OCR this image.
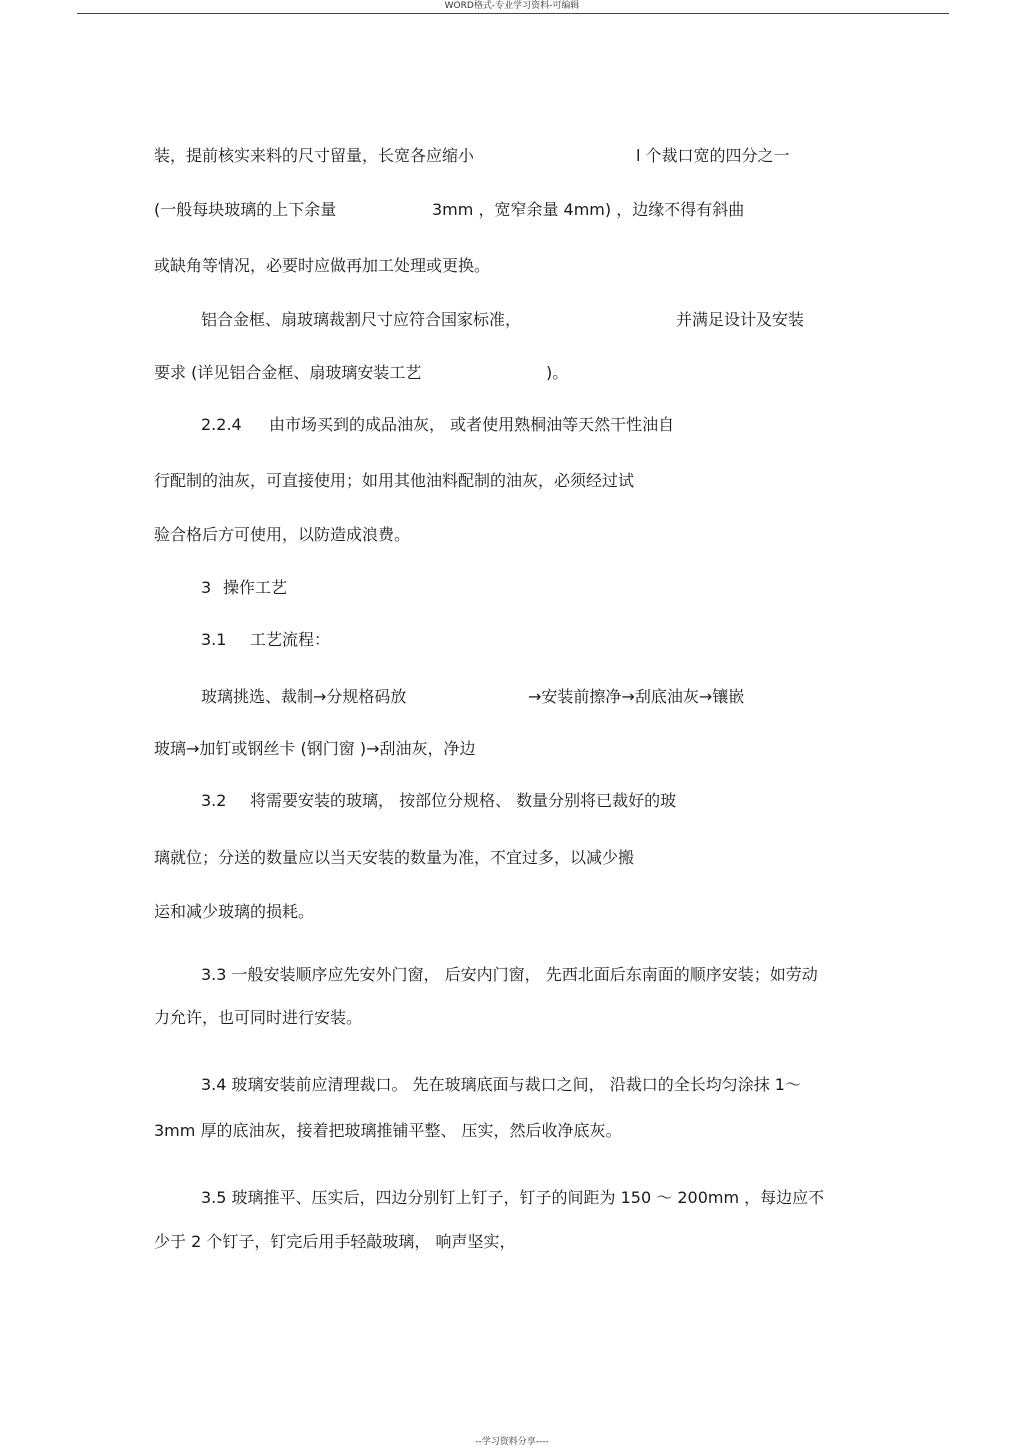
WORD格式-专业学习资料-可编辑
装，提前核实来料的尺寸留量，长宽各应缩小	l 个裁口宽的四分之一
(一般每块玻璃的上下余量	3mm ，宽窄余量 4mm) ，边缘不得有斜曲
或缺角等情况，必要时应做再加工处理或更换。
铝合金框、扇玻璃裁割尺寸应符合国家标准，	并满足设计及安装
要求 (详见铝合金框、扇玻璃安装工艺	)。
2.2.4 由市场买到的成品油灰， 或者使用熟桐油等天然干性油自
行配制的油灰，可直接使用；如用其他油料配制的油灰，必须经过试
验合格后方可使用，以防造成浪费。
3 操作工艺
3.1 工艺流程：
玻璃挑选、裁制→分规格码放	→安装前擦净→刮底油灰→镶嵌
玻璃→加钉或钢丝卡 (钢门窗 )→刮油灰，净边
3.2 将需要安装的玻璃， 按部位分规格、 数量分别将已裁好的玻
璃就位；分送的数量应以当天安装的数量为准，不宜过多，以减少搬
运和减少玻璃的损耗。
3.3 一般安装顺序应先安外门窗， 后安内门窗， 先西北面后东南面的顺序安装；如劳动
力允许，也可同时进行安装。
3.4 玻璃安装前应清理裁口。 先在玻璃底面与裁口之间， 沿裁口的全长均匀涂抹 1～
3mm 厚的底油灰，接着把玻璃推铺平整、 压实，然后收净底灰。
3.5 玻璃推平、压实后，四边分别钉上钉子，钉子的间距为 150 ～ 200mm ，每边应不
少于 2 个钉子，钉完后用手轻敲玻璃， 响声坚实，
--学习资料分享----
